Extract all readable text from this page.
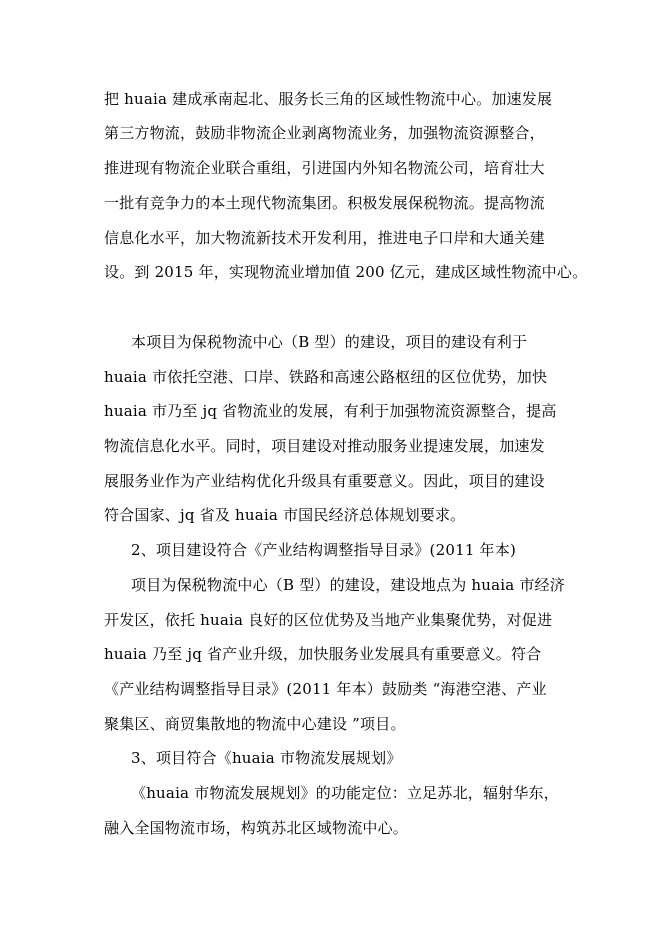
把 huaia 建成承南起北、服务长三角的区域性物流中心。加速发展
第三方物流，鼓励非物流企业剥离物流业务，加强物流资源整合，
推进现有物流企业联合重组，引进国内外知名物流公司，培育壮大
一批有竞争力的本土现代物流集团。积极发展保税物流。提高物流
信息化水平，加大物流新技术开发利用，推进电子口岸和大通关建
设。到 2015 年，实现物流业增加值 200 亿元，建成区域性物流中心。
本项目为保税物流中心（B 型）的建设，项目的建设有利于
huaia 市依托空港、口岸、铁路和高速公路枢纽的区位优势，加快
huaia 市乃至 jq 省物流业的发展，有利于加强物流资源整合，提高
物流信息化水平。同时，项目建设对推动服务业提速发展，加速发
展服务业作为产业结构优化升级具有重要意义。因此，项目的建设
符合国家、jq 省及 huaia 市国民经济总体规划要求。
2、项目建设符合《产业结构调整指导目录》(2011 年本)
项目为保税物流中心（B 型）的建设，建设地点为 huaia 市经济
开发区，依托 huaia 良好的区位优势及当地产业集聚优势，对促进
huaia 乃至 jq 省产业升级，加快服务业发展具有重要意义。符合
《产业结构调整指导目录》(2011 年本）鼓励类 “海港空港、产业
聚集区、商贸集散地的物流中心建设 ”项目。
3、项目符合《huaia 市物流发展规划》
《huaia 市物流发展规划》的功能定位：立足苏北，辐射华东，
融入全国物流市场，构筑苏北区域物流中心。
